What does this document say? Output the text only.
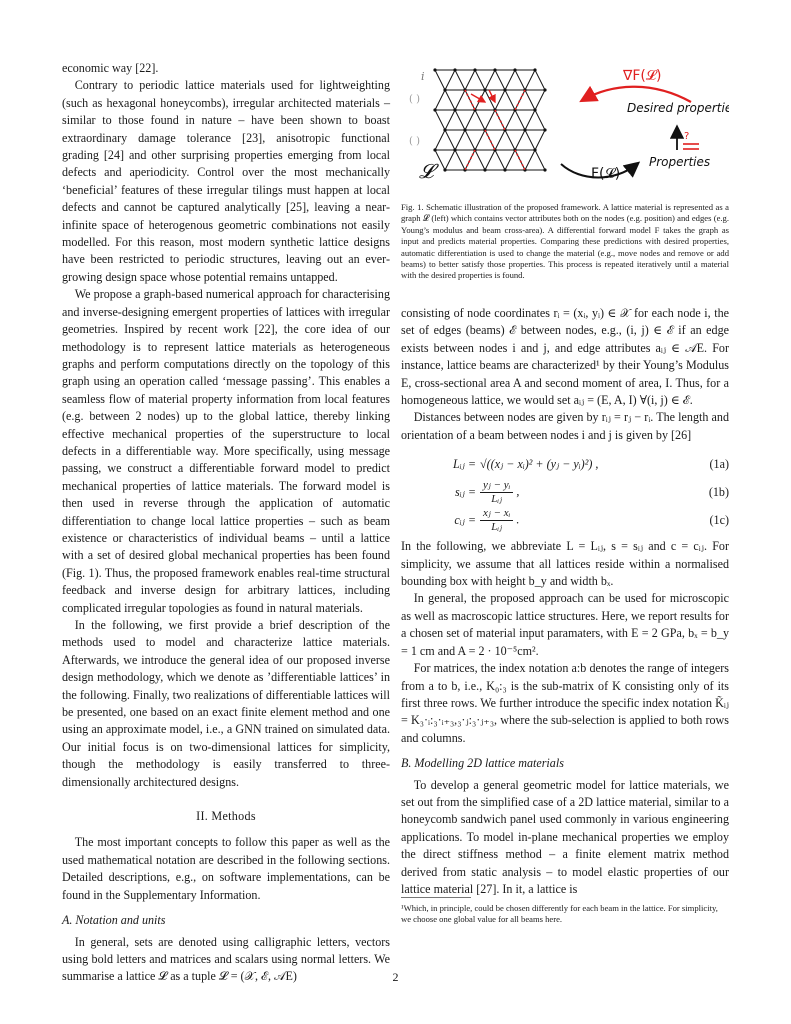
economic way [22].

Contrary to periodic lattice materials used for lightweighting (such as hexagonal honeycombs), irregular architected materials – similar to those found in nature – have been shown to boast extraordinary damage tolerance [23], anisotropic functional grading [24] and other surprising properties emerging from local defects and aperiodicity. Control over the most mechanically ‘beneficial’ features of these irregular tilings must happen at local defects and cannot be captured analytically [25], leaving a near-infinite space of heterogenous geometric combinations not easily modelled. For this reason, most modern synthetic lattice designs have been restricted to periodic structures, leaving out an ever-growing design space whose potential remains untapped.

We propose a graph-based numerical approach for characterising and inverse-designing emergent properties of lattices with irregular geometries. Inspired by recent work [22], the core idea of our methodology is to represent lattice materials as heterogeneous graphs and perform computations directly on the topology of this graph using an operation called ‘message passing’. This enables a seamless flow of material property information from local features (e.g. between 2 nodes) up to the global lattice, thereby linking effective mechanical properties of the superstructure to local defects in a differentiable way. More specifically, using message passing, we construct a differentiable forward model to predict mechanical properties of lattice materials. The forward model is then used in reverse through the application of automatic differentiation to change local lattice properties – such as beam existence or characteristics of individual beams – until a lattice with a set of desired global mechanical properties has been found (Fig. 1). Thus, the proposed framework enables real-time structural feedback and inverse design for arbitrary lattices, including complicated irregular topologies as found in natural materials.

In the following, we first provide a brief description of the methods used to model and characterize lattice materials. Afterwards, we introduce the general idea of our proposed inverse design methodology, which we denote as ’differentiable lattices’ in the following. Finally, two realizations of differentiable lattices will be presented, one based on an exact finite element method and one using an approximate model, i.e., a GNN trained on simulated data. Our initial focus is on two-dimensional lattices for simplicity, though the methodology is easily transferred to three-dimensionally architectured designs.

II. Methods

The most important concepts to follow this paper as well as the used mathematical notation are described in the following sections. Detailed descriptions, e.g., on software implementations, can be found in the Supplementary Information.

A. Notation and units

In general, sets are denoted using calligraphic letters, vectors using bold letters and matrices and scalars using normal letters. We summarise a lattice 𝓛 as a tuple 𝓛 = (𝒳, ℰ, 𝒜E)

( )
( )
i
𝓛
∇F(𝓛)
Desired properties
?
Properties
F(𝓛)
Fig. 1. Schematic illustration of the proposed framework. A lattice material is represented as a graph 𝓛 (left) which contains vector attributes both on the nodes (e.g. position) and edges (e.g. Young’s modulus and beam cross-area). A differential forward model F takes the graph as input and predicts material properties. Comparing these predictions with desired properties, automatic differentiation is used to change the material (e.g., move nodes and remove or add beams) to better satisfy those properties. This process is repeated iteratively until a material with the desired properties is found.

consisting of node coordinates rᵢ = (xᵢ, yᵢ) ∈ 𝒳 for each node i, the set of edges (beams) ℰ between nodes, e.g., (i, j) ∈ ℰ if an edge exists between nodes i and j, and edge attributes aᵢⱼ ∈ 𝒜E. For instance, lattice beams are characterized¹ by their Young’s Modulus E, cross-sectional area A and second moment of area, I. Thus, for a homogeneous lattice, we would set aᵢⱼ = (E, A, I) ∀(i, j) ∈ ℰ.

Distances between nodes are given by rᵢⱼ = rⱼ − rᵢ. The length and orientation of a beam between nodes i and j is given by [26]

Lᵢⱼ = √((xⱼ − xᵢ)² + (yⱼ − yᵢ)²) ,	(1a)
sᵢⱼ = $\frac{\text{yⱼ − yᵢ}}{\text{Lᵢⱼ}}$ ,	(1b)
cᵢⱼ = $\frac{\text{xⱼ − xᵢ}}{\text{Lᵢⱼ}}$ .	(1c)

In the following, we abbreviate L = Lᵢⱼ, s = sᵢⱼ and c = cᵢⱼ. For simplicity, we assume that all lattices reside within a normalised bounding box with height b_y and width bₓ.

In general, the proposed approach can be used for microscopic as well as macroscopic lattice structures. Here, we report results for a chosen set of material input paramaters, with E = 2 GPa, bₓ = b_y = 1 cm and A = 2 · 10⁻⁵cm².

For matrices, the index notation a:b denotes the range of integers from a to b, i.e., K₀:₃ is the sub-matrix of K consisting only of its first three rows. We further introduce the specific index notation K̃ᵢⱼ = K₃·ᵢ:₃·ᵢ₊₃,₃·ⱼ:₃·ⱼ₊₃, where the sub-selection is applied to both rows and columns.

B. Modelling 2D lattice materials

To develop a general geometric model for lattice materials, we set out from the simplified case of a 2D lattice material, similar to a honeycomb sandwich panel used commonly in various engineering applications. To model in-plane mechanical properties we employ the direct stiffness method – a finite element matrix method derived from static analysis – to model elastic properties of our lattice material [27]. In it, a lattice is

¹Which, in principle, could be chosen differently for each beam in the lattice. For simplicity, we choose one global value for all beams here.
2
